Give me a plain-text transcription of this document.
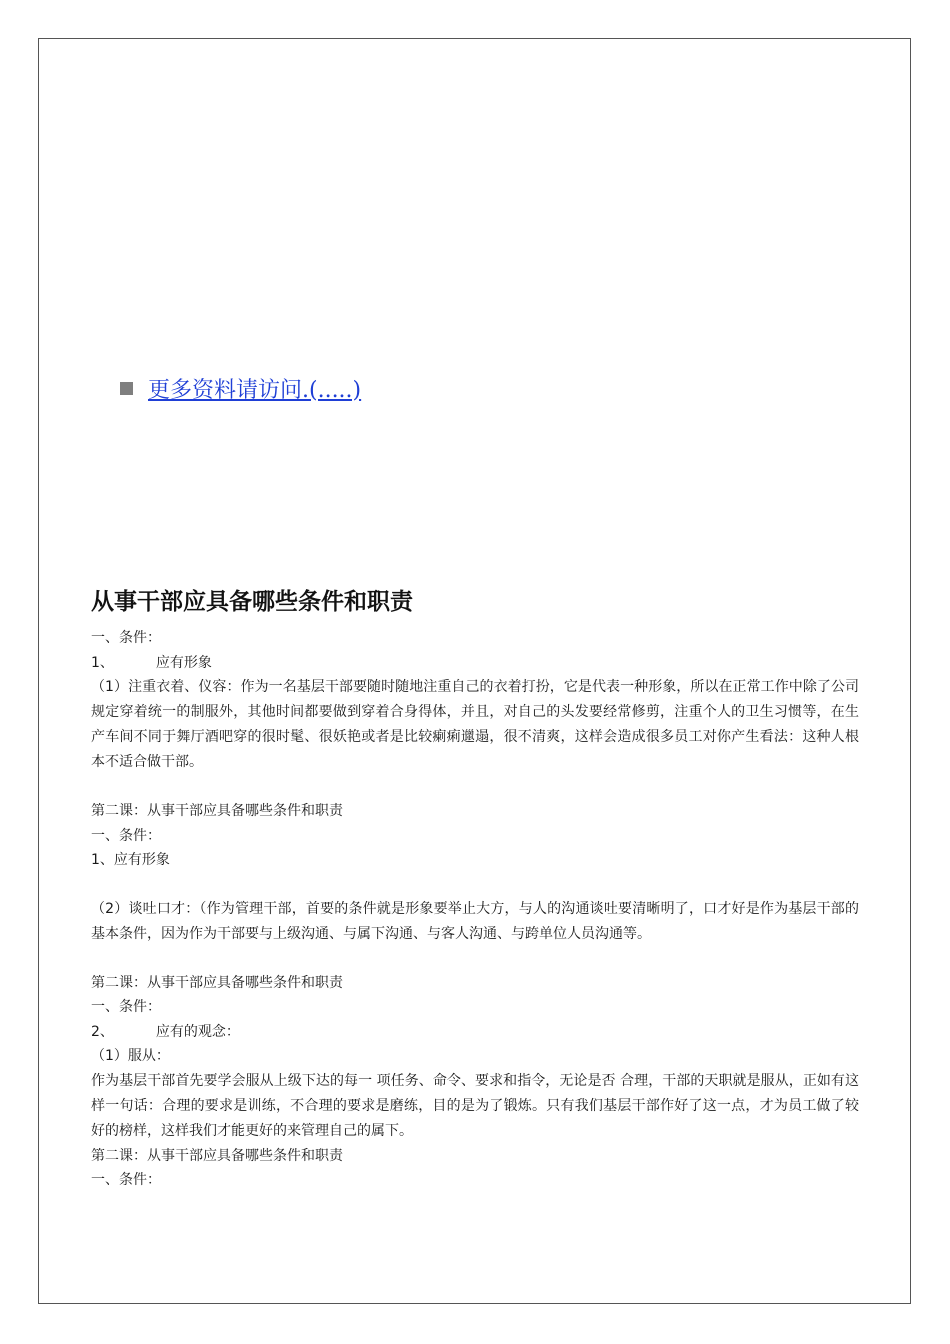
更多资料请访问.(.....)
从事干部应具备哪些条件和职责

一、条件：

1、	应有形象

（1）注重衣着、仪容：作为一名基层干部要随时随地注重自己的衣着打扮，它是代表一种形象，所以在正常工作中除了公司规定穿着统一的制服外，其他时间都要做到穿着合身得体，并且，对自己的头发要经常修剪，注重个人的卫生习惯等，在生产车间不同于舞厅酒吧穿的很时髦、很妖艳或者是比较瘌痢邋遢，很不清爽，这样会造成很多员工对你产生看法：这种人根本不适合做干部。

第二课：从事干部应具备哪些条件和职责

一、条件：

1、应有形象

（2）谈吐口才：（作为管理干部，首要的条件就是形象要举止大方，与人的沟通谈吐要清晰明了，口才好是作为基层干部的基本条件，因为作为干部要与上级沟通、与属下沟通、与客人沟通、与跨单位人员沟通等。

第二课：从事干部应具备哪些条件和职责

一、条件：

2、	应有的观念：

（1）服从：

作为基层干部首先要学会服从上级下达的每一 项任务、命令、要求和指令，无论是否 合理，干部的天职就是服从，正如有这样一句话：合理的要求是训练，不合理的要求是磨练，目的是为了锻炼。只有我们基层干部作好了这一点，才为员工做了较好的榜样，这样我们才能更好的来管理自己的属下。

第二课：从事干部应具备哪些条件和职责

一、条件：
